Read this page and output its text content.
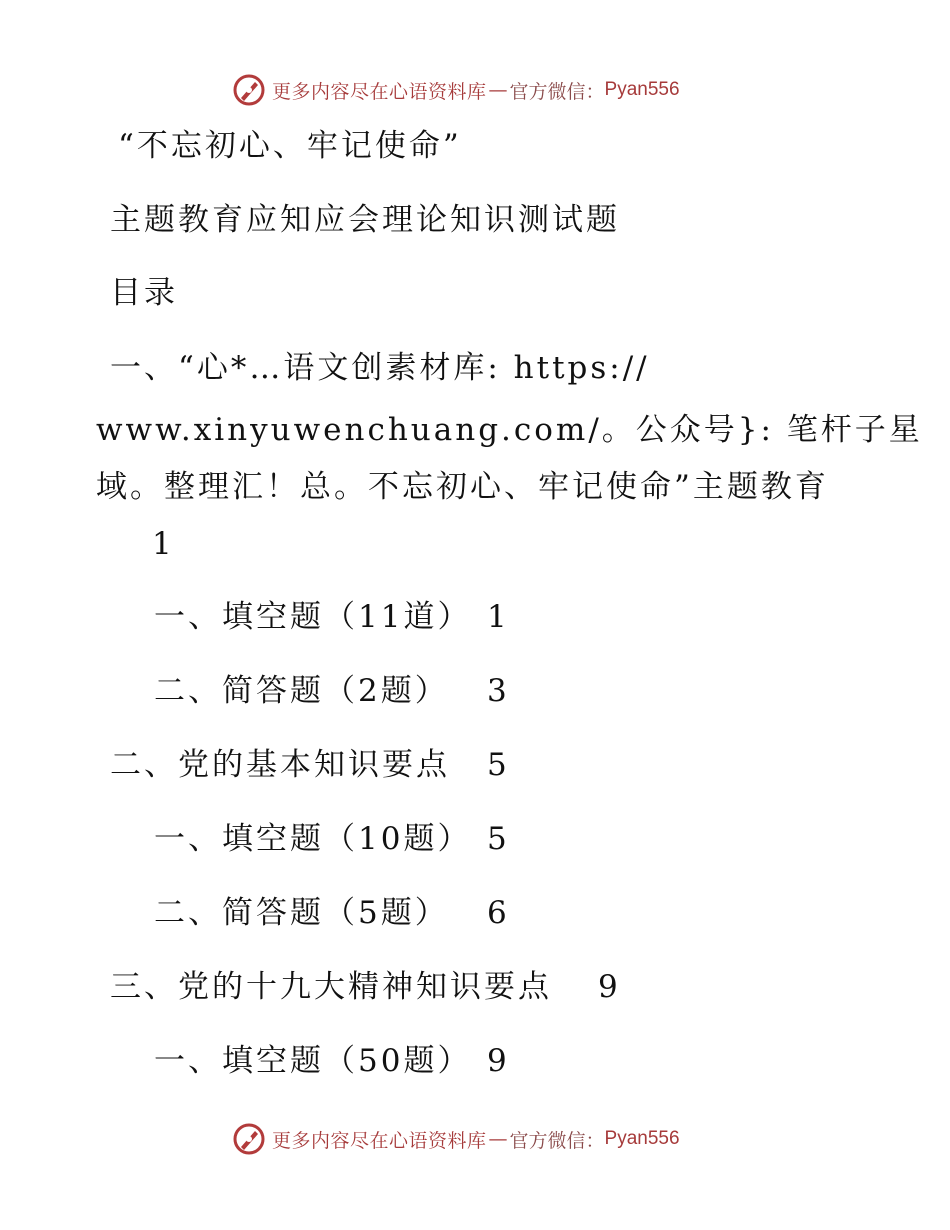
更多内容尽在心语资料库 — 官方微信： Pyan556
“不忘初心、牢记使命”
主题教育应知应会理论知识测试题
目录
一、“心*…语文创素材库: https://
www.xinyuwenchuang.com/。公众号}: 笔杆子星
域。整理汇！总。不忘初心、牢记使命”主题教育
1
一、填空题（11道） 1
二、简答题（2题） 3
二、党的基本知识要点 5
一、填空题（10题） 5
二、简答题（5题） 6
三、党的十九大精神知识要点 9
一、填空题（50题） 9
更多内容尽在心语资料库 — 官方微信： Pyan556
